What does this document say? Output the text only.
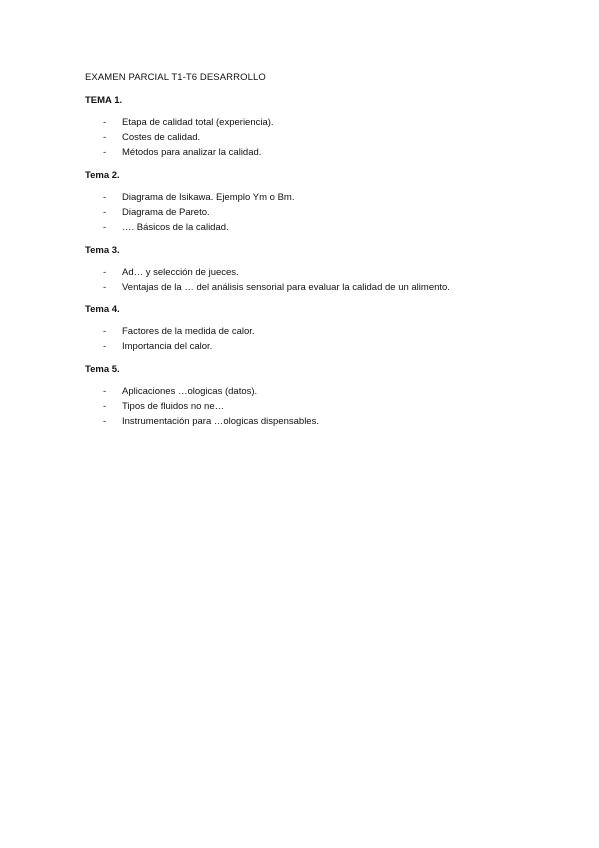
EXAMEN PARCIAL T1-T6 DESARROLLO
TEMA 1.
- Etapa de calidad total (experiencia).
- Costes de calidad.
- Métodos para analizar la calidad.
Tema 2.
- Diagrama de Isikawa. Ejemplo Ym o Bm.
- Diagrama de Pareto.
- …. Básicos de la calidad.
Tema 3.
- Ad… y selección de jueces.
- Ventajas de la … del análisis sensorial para evaluar la calidad de un alimento.
Tema 4.
- Factores de la medida de calor.
- Importancia del calor.
Tema 5.
- Aplicaciones …ologicas (datos).
- Tipos de fluidos no ne…
- Instrumentación para …ologicas dispensables.
